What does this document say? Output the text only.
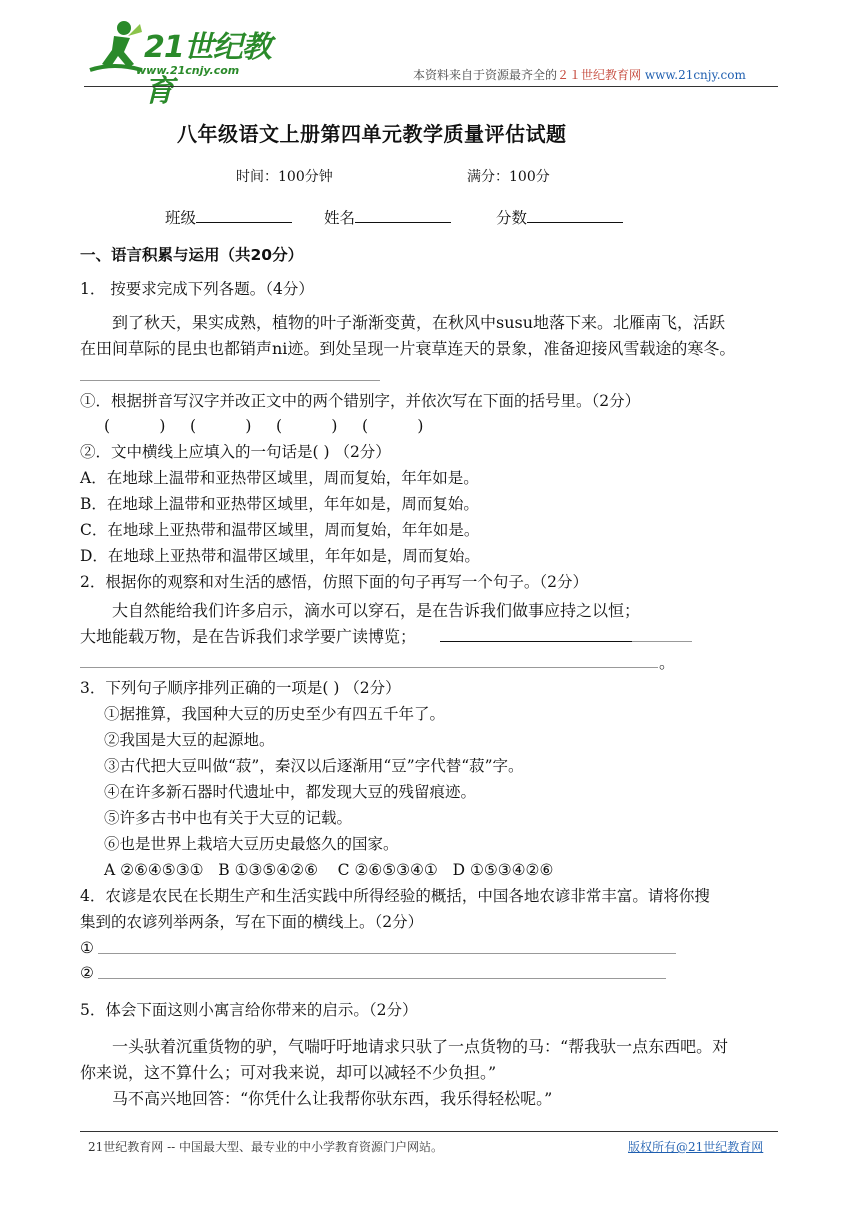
21世纪教育
www.21cnjy.com	本资料来自于资源最齐全的２１世纪教育网 www.21cnjy.com
八年级语文上册第四单元教学质量评估试题
时间：100分钟	满分：100分
班级	姓名	分数
一、语言积累与运用（共20分）
1． 按要求完成下列各题。（4分）
到了秋天，果实成熟，植物的叶子渐渐变黄，在秋风中susu地落下来。北雁南飞，活跃
在田间草际的昆虫也都销声ni迹。到处呈现一片衰草连天的景象，准备迎接风雪载途的寒冬。
①．根据拼音写汉字并改正文中的两个错别字，并依次写在下面的括号里。（2分）
(          )     (          )     (          )     (          )
②．文中横线上应填入的一句话是( ) （2分）
A．在地球上温带和亚热带区域里，周而复始，年年如是。
B．在地球上温带和亚热带区域里，年年如是，周而复始。
C．在地球上亚热带和温带区域里，周而复始，年年如是。
D．在地球上亚热带和温带区域里，年年如是，周而复始。
2．根据你的观察和对生活的感悟，仿照下面的句子再写一个句子。（2分）
大自然能给我们许多启示，滴水可以穿石，是在告诉我们做事应持之以恒；
大地能载万物，是在告诉我们求学要广读博览；
。
3．下列句子顺序排列正确的一项是( ) （2分）
①据推算，我国种大豆的历史至少有四五千年了。
②我国是大豆的起源地。
③古代把大豆叫做“菽”，秦汉以后逐渐用“豆”字代替“菽”字。
④在许多新石器时代遗址中，都发现大豆的残留痕迹。
⑤许多古书中也有关于大豆的记载。
⑥也是世界上栽培大豆历史最悠久的国家。
A ②⑥④⑤③①   B ①③⑤④②⑥    C ②⑥⑤③④①   D ①⑤③④②⑥
4．农谚是农民在长期生产和生活实践中所得经验的概括，中国各地农谚非常丰富。请将你搜
集到的农谚列举两条，写在下面的横线上。（2分）
①
②
5．体会下面这则小寓言给你带来的启示。（2分）
一头驮着沉重货物的驴，气喘吁吁地请求只驮了一点货物的马：“帮我驮一点东西吧。对
你来说，这不算什么；可对我来说，却可以减轻不少负担。”
马不高兴地回答：“你凭什么让我帮你驮东西，我乐得轻松呢。”
21世纪教育网 -- 中国最大型、最专业的中小学教育资源门户网站。	版权所有@21世纪教育网
